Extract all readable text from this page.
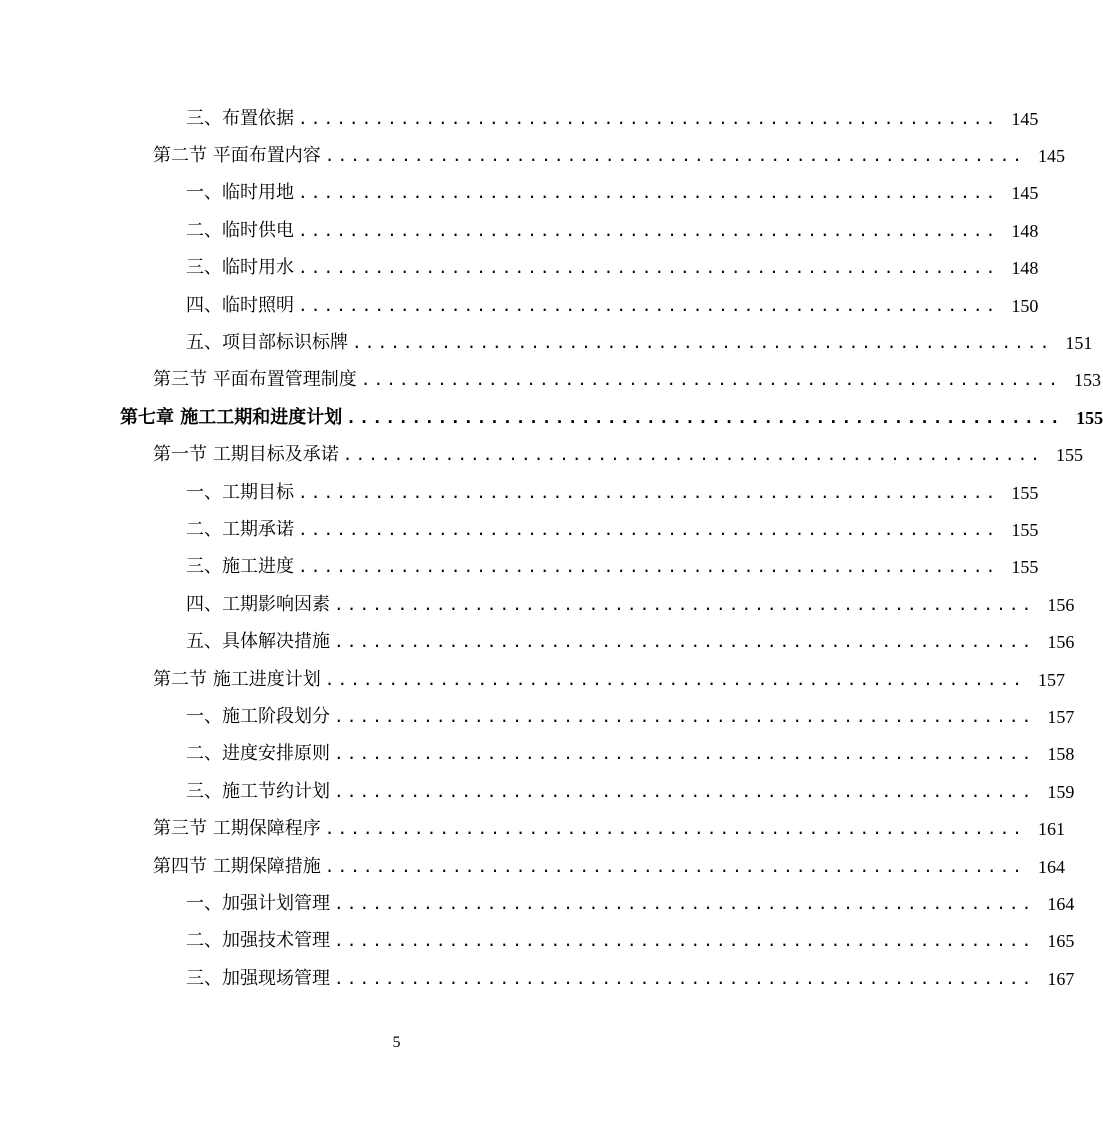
三、布置依据 ....................................................... 145
第二节 平面布置内容 ....................................................... 145
一、临时用地 ....................................................... 145
二、临时供电 ....................................................... 148
三、临时用水 ....................................................... 148
四、临时照明 ....................................................... 150
五、项目部标识标牌 ....................................................... 151
第三节 平面布置管理制度 ....................................................... 153
第七章 施工工期和进度计划 ....................................................... 155
第一节 工期目标及承诺 ....................................................... 155
一、工期目标 ....................................................... 155
二、工期承诺 ....................................................... 155
三、施工进度 ....................................................... 155
四、工期影响因素 ....................................................... 156
五、具体解决措施 ....................................................... 156
第二节 施工进度计划 ....................................................... 157
一、施工阶段划分 ....................................................... 157
二、进度安排原则 ....................................................... 158
三、施工节约计划 ....................................................... 159
第三节 工期保障程序 ....................................................... 161
第四节 工期保障措施 ....................................................... 164
一、加强计划管理 ....................................................... 164
二、加强技术管理 ....................................................... 165
三、加强现场管理 ....................................................... 167
5
